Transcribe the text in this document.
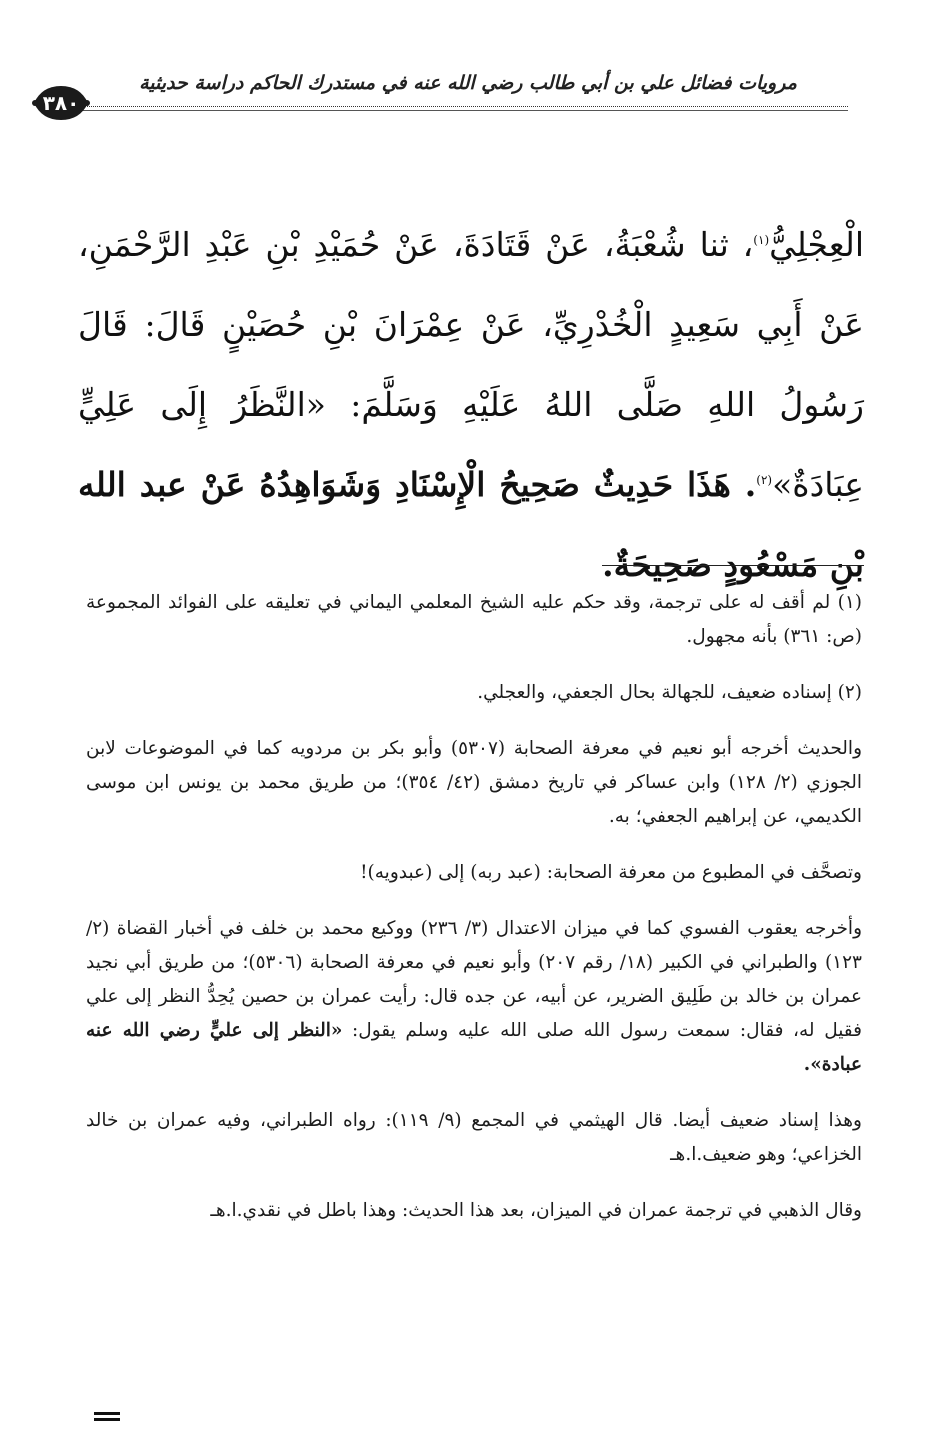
مرويات فضائل علي بن أبي طالب رضي الله عنه في مستدرك الحاكم دراسة حديثية
٣٨٠
الْعِجْلِيُّ$^{(١)}$، ثنا شُعْبَةُ، عَنْ قَتَادَةَ، عَنْ حُمَيْدِ بْنِ عَبْدِ الرَّحْمَنِ، عَنْ أَبِي سَعِيدٍ الْخُدْرِيِّ، عَنْ عِمْرَانَ بْنِ حُصَيْنٍ قَالَ: قَالَ رَسُولُ اللهِ صَلَّى اللهُ عَلَيْهِ وَسَلَّمَ: «النَّظَرُ إِلَى عَلِيٍّ عِبَادَةٌ»$^{(٢)}$. هَذَا حَدِيثٌ صَحِيحُ الْإِسْنَادِ وَشَوَاهِدُهُ عَنْ عبد الله بْنِ مَسْعُودٍ صَحِيحَةٌ.

(١) لم أقف له على ترجمة، وقد حكم عليه الشيخ المعلمي اليماني في تعليقه على الفوائد المجموعة (ص: ٣٦١) بأنه مجهول.

(٢) إسناده ضعيف، للجهالة بحال الجعفي، والعجلي.

والحديث أخرجه أبو نعيم في معرفة الصحابة (٥٣٠٧) وأبو بكر بن مردويه كما في الموضوعات لابن الجوزي (٢/ ١٢٨) وابن عساكر في تاريخ دمشق (٤٢/ ٣٥٤)؛ من طريق محمد بن يونس ابن موسى الكديمي، عن إبراهيم الجعفي؛ به.

وتصحَّف في المطبوع من معرفة الصحابة: (عبد ربه) إلى (عبدويه)!

وأخرجه يعقوب الفسوي كما في ميزان الاعتدال (٣/ ٢٣٦) ووكيع محمد بن خلف في أخبار القضاة (٢/ ١٢٣) والطبراني في الكبير (١٨/ رقم ٢٠٧) وأبو نعيم في معرفة الصحابة (٥٣٠٦)؛ من طريق أبي نجيد عمران بن خالد بن طَلِيق الضرير، عن أبيه، عن جده قال: رأيت عمران بن حصين يُحِدُّ النظر إلى علي فقيل له، فقال: سمعت رسول الله صلى الله عليه وسلم يقول: «النظر إلى عليٍّ رضي الله عنه عبادة».

وهذا إسناد ضعيف أيضا. قال الهيثمي في المجمع (٩/ ١١٩): رواه الطبراني، وفيه عمران بن خالد الخزاعي؛ وهو ضعيف.ا.هـ

وقال الذهبي في ترجمة عمران في الميزان، بعد هذا الحديث: وهذا باطل في نقدي.ا.هـ
